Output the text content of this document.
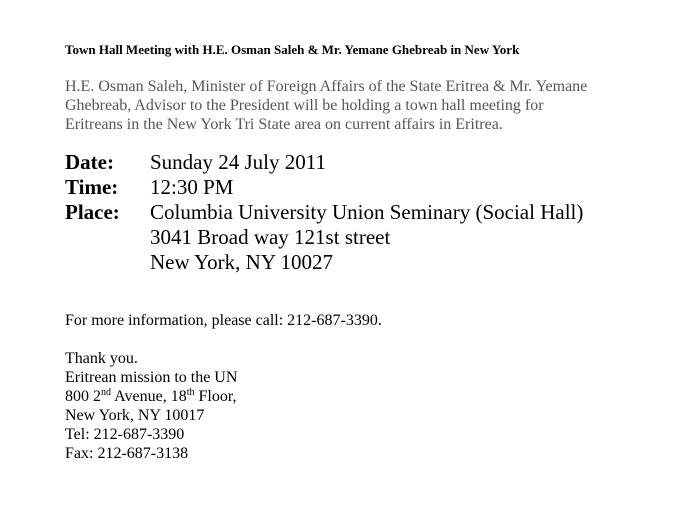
Town Hall Meeting with H.E. Osman Saleh & Mr. Yemane Ghebreab in New York
H.E. Osman Saleh, Minister of Foreign Affairs of the State Eritrea & Mr. Yemane
Ghebreab, Advisor to the President will be holding a town hall meeting for
Eritreans in the New York Tri State area on current affairs in Eritrea.
Date:	Sunday 24 July 2011
Time:	12:30 PM
Place:	Columbia University Union Seminary (Social Hall)
3041 Broad way 121st street
New York, NY 10027
For more information, please call: 212-687-3390.
Thank you.
Eritrean mission to the UN
800 2nd Avenue, 18th Floor,
New York, NY 10017
Tel: 212-687-3390
Fax: 212-687-3138
